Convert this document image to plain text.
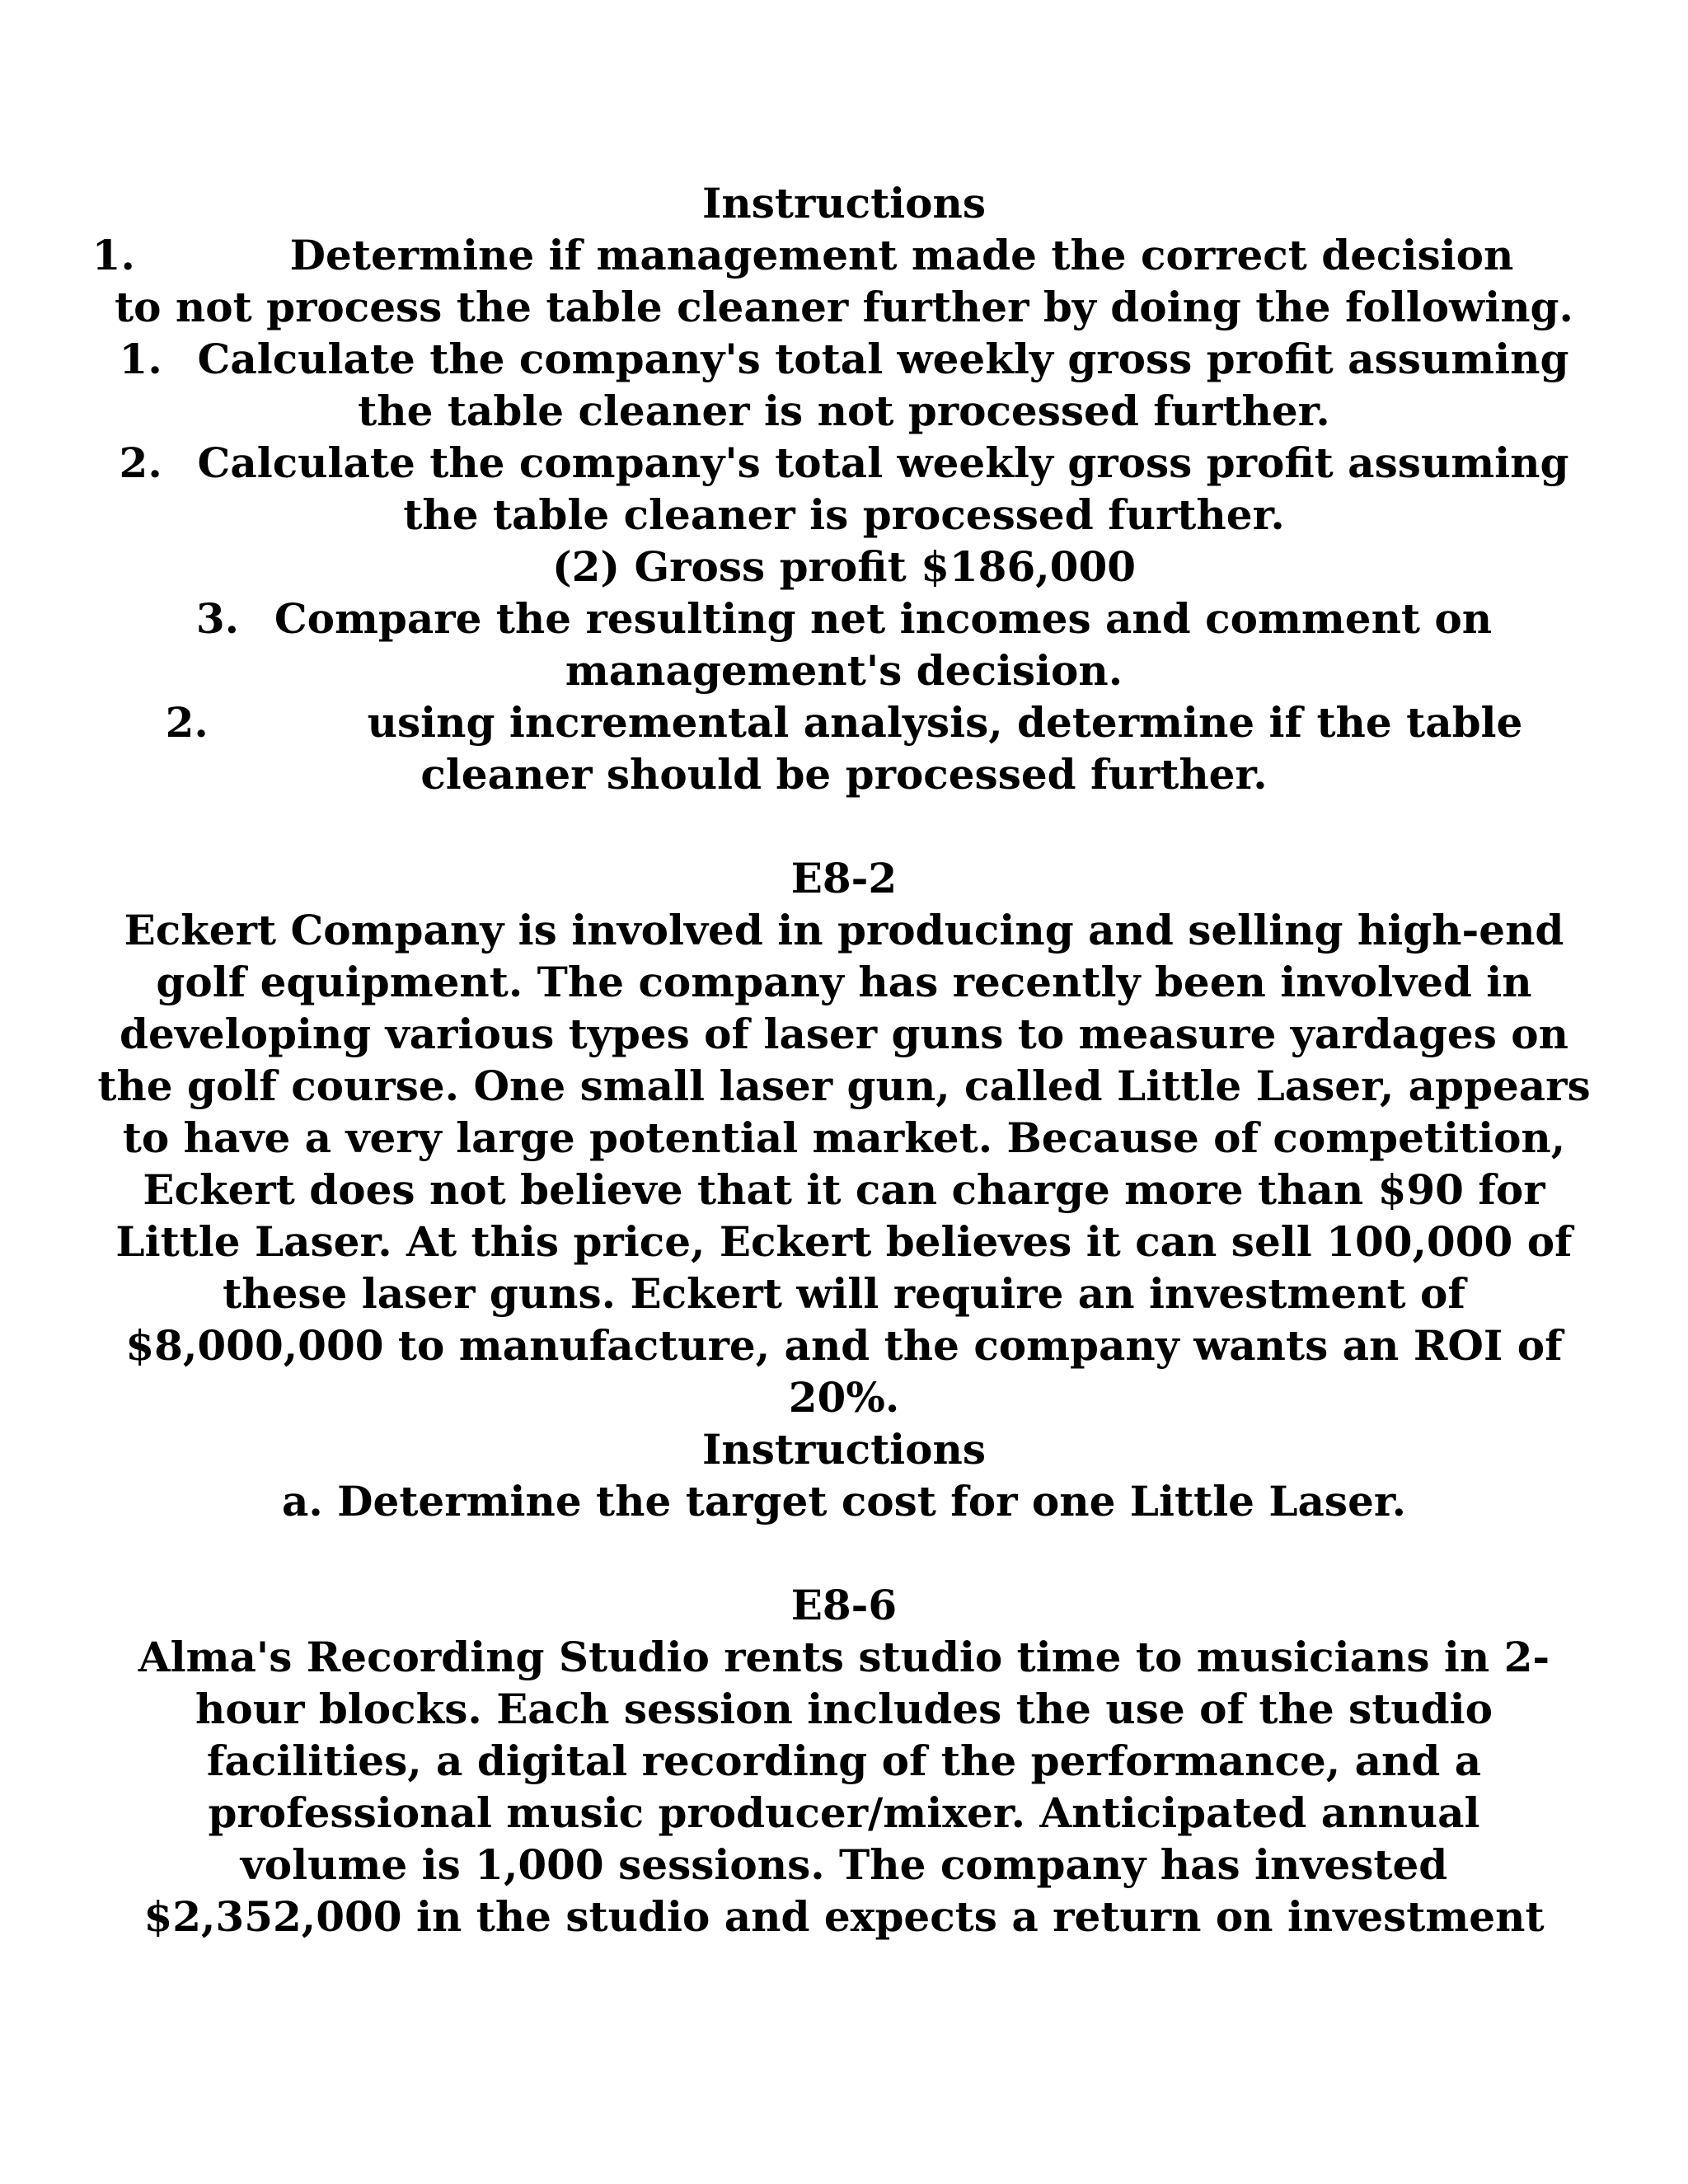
Instructions
1.	Determine if management made the correct decision
to not process the table cleaner further by doing the following.
1. Calculate the company's total weekly gross profit assuming
the table cleaner is not processed further.
2. Calculate the company's total weekly gross profit assuming
the table cleaner is processed further.
(2) Gross profit $186,000
3. Compare the resulting net incomes and comment on
management's decision.
2.	using incremental analysis, determine if the table
cleaner should be processed further.
E8-2
Eckert Company is involved in producing and selling high-end
golf equipment. The company has recently been involved in
developing various types of laser guns to measure yardages on
the golf course. One small laser gun, called Little Laser, appears
to have a very large potential market. Because of competition,
Eckert does not believe that it can charge more than $90 for
Little Laser. At this price, Eckert believes it can sell 100,000 of
these laser guns. Eckert will require an investment of
$8,000,000 to manufacture, and the company wants an ROI of
20%.
Instructions
a. Determine the target cost for one Little Laser.
E8-6
Alma's Recording Studio rents studio time to musicians in 2-
hour blocks. Each session includes the use of the studio
facilities, a digital recording of the performance, and a
professional music producer/mixer. Anticipated annual
volume is 1,000 sessions. The company has invested
$2,352,000 in the studio and expects a return on investment
